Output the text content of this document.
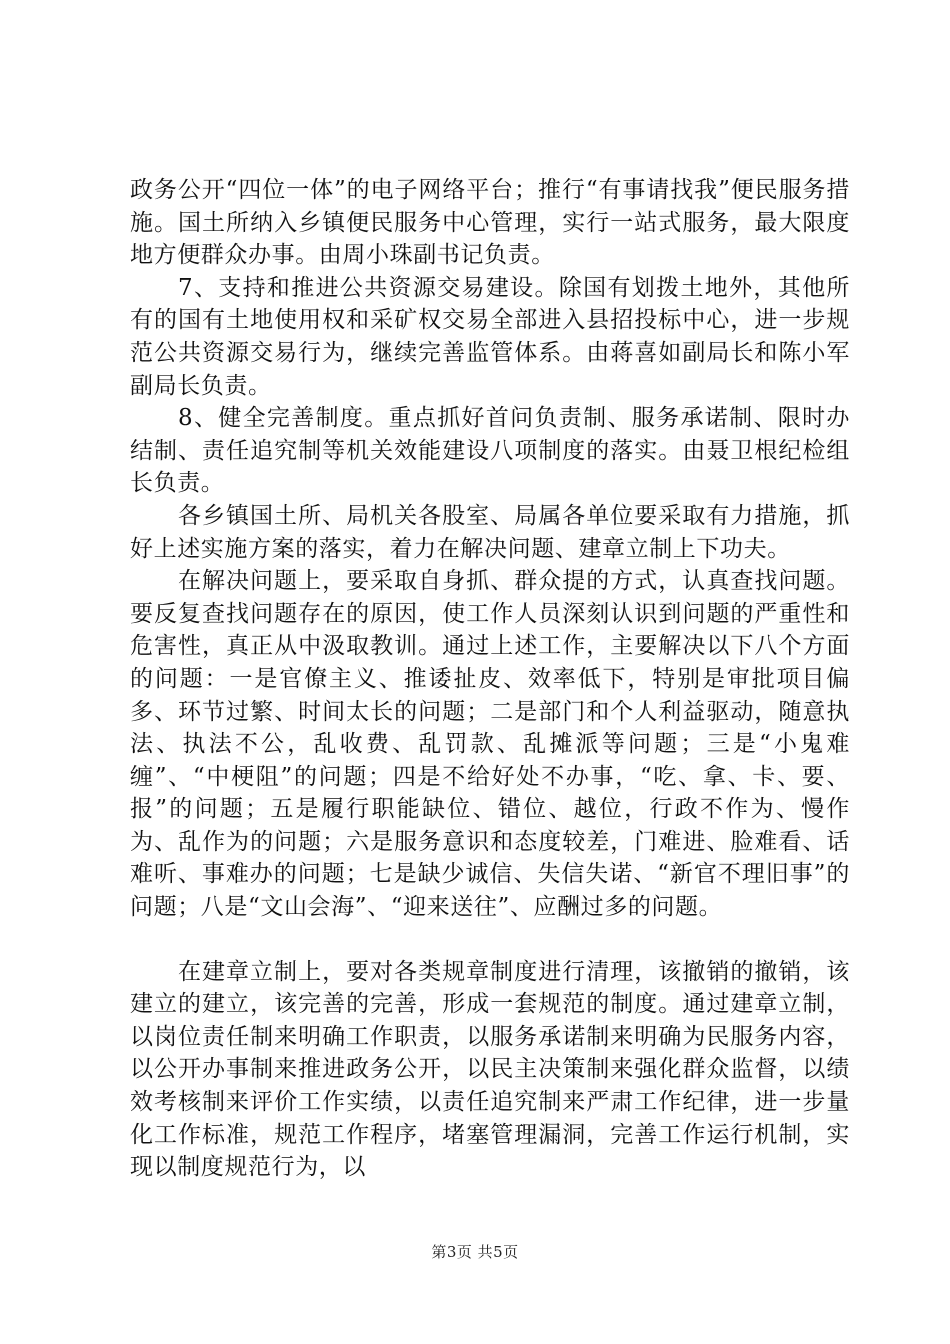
政务公开“四位一体”的电子网络平台；推行“有事请找我”便民服务措施。国土所纳入乡镇便民服务中心管理，实行一站式服务，最大限度地方便群众办事。由周小珠副书记负责。

7、支持和推进公共资源交易建设。除国有划拨土地外，其他所有的国有土地使用权和采矿权交易全部进入县招投标中心，进一步规范公共资源交易行为，继续完善监管体系。由蒋喜如副局长和陈小军副局长负责。

8、健全完善制度。重点抓好首问负责制、服务承诺制、限时办结制、责任追究制等机关效能建设八项制度的落实。由聂卫根纪检组长负责。

各乡镇国土所、局机关各股室、局属各单位要采取有力措施，抓好上述实施方案的落实，着力在解决问题、建章立制上下功夫。

在解决问题上，要采取自身抓、群众提的方式，认真查找问题。要反复查找问题存在的原因，使工作人员深刻认识到问题的严重性和危害性，真正从中汲取教训。通过上述工作，主要解决以下八个方面的问题：一是官僚主义、推诿扯皮、效率低下，特别是审批项目偏多、环节过繁、时间太长的问题；二是部门和个人利益驱动，随意执法、执法不公，乱收费、乱罚款、乱摊派等问题；三是“小鬼难缠”、“中梗阻”的问题；四是不给好处不办事，“吃、拿、卡、要、报”的问题；五是履行职能缺位、错位、越位，行政不作为、慢作为、乱作为的问题；六是服务意识和态度较差，门难进、脸难看、话难听、事难办的问题；七是缺少诚信、失信失诺、“新官不理旧事”的问题；八是“文山会海”、“迎来送往”、应酬过多的问题。

在建章立制上，要对各类规章制度进行清理，该撤销的撤销，该建立的建立，该完善的完善，形成一套规范的制度。通过建章立制，以岗位责任制来明确工作职责，以服务承诺制来明确为民服务内容，以公开办事制来推进政务公开，以民主决策制来强化群众监督，以绩效考核制来评价工作实绩，以责任追究制来严肃工作纪律，进一步量化工作标准，规范工作程序，堵塞管理漏洞，完善工作运行机制，实现以制度规范行为，以

第3页 共5页
